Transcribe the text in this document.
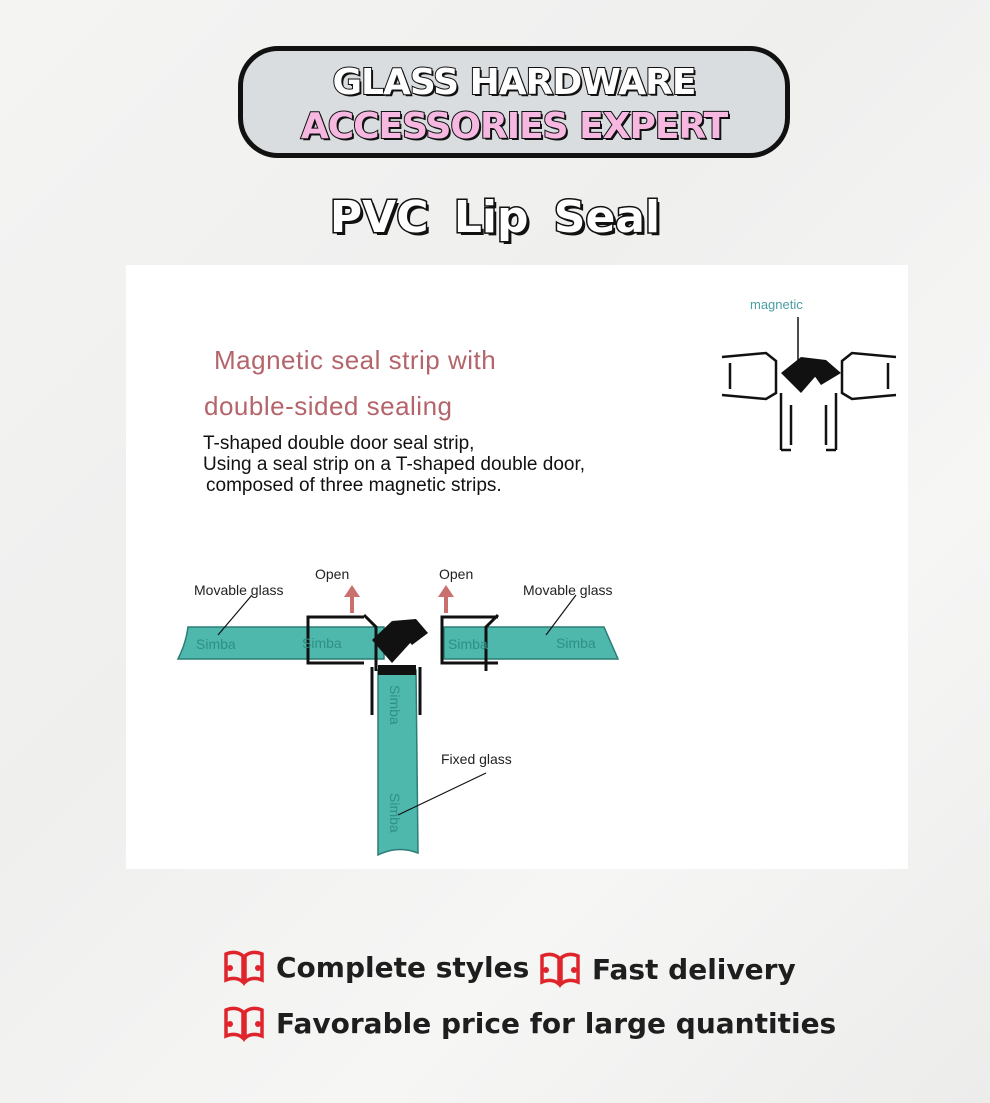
GLASS HARDWARE
ACCESSORIES EXPERT
PVC Lip Seal
Magnetic seal strip with
double-sided sealing
T-shaped double door seal strip,
Using a seal strip on a T-shaped double door,
composed of three magnetic strips.
Simba	Simba	Simba	Simba
Simba
Simba
magnetic
Open	Open
Movable glass	Movable glass
Fixed glass
Complete styles Fast delivery
Favorable price for large quantities
